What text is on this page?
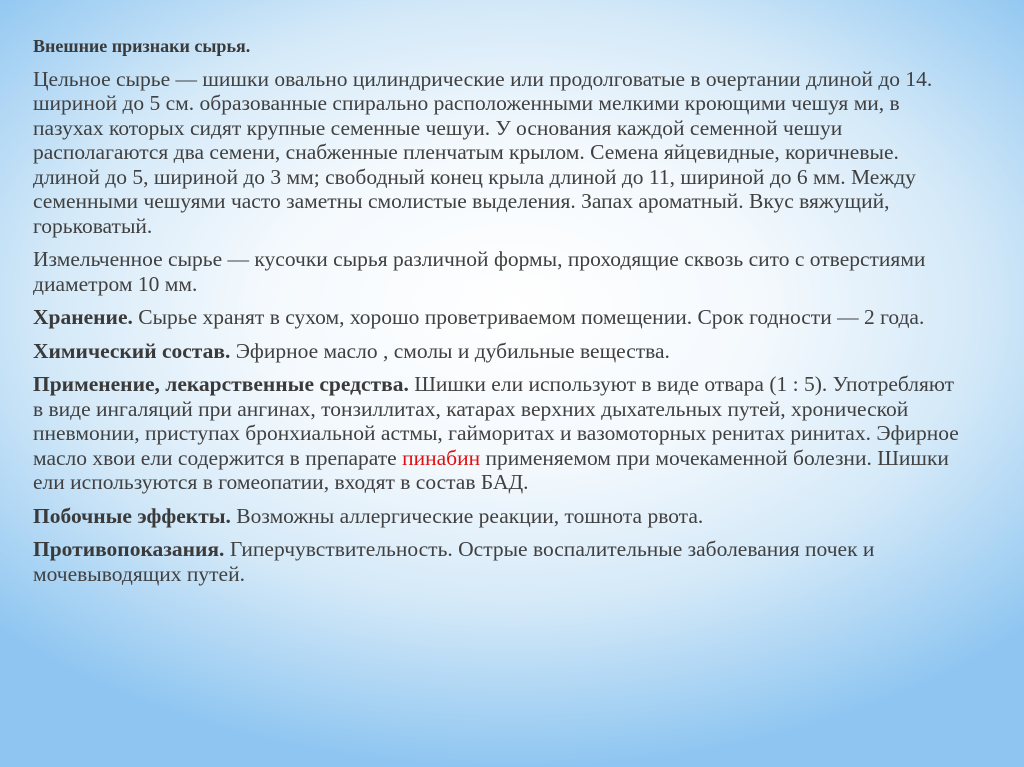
Внешние признаки сырья.

Цельное сырье — шишки овально цилиндрические или продолговатые в очертании длиной до 14. шириной до 5 см. образованные спирально расположенными мелкими кроющими чешуя ми, в пазухах которых сидят крупные семенные чешуи. У основания каждой семенной чешуи располагаются два семени, снабженные пленчатым крылом. Семена яйцевидные, коричневые. длиной до 5, шириной до 3 мм; свободный конец крыла длиной до 11, шириной до 6 мм. Между семенными чешуями часто заметны смолистые выделения. Запах ароматный. Вкус вяжущий, горьковатый.

Измельченное сырье — кусочки сырья различной формы, проходящие сквозь сито с отверстиями диаметром 10 мм.

Хранение. Сырье хранят в сухом, хорошо проветриваемом помещении. Срок годности — 2 года.

Химический состав. Эфирное масло , смолы и дубильные вещества.

Применение, лекарственные средства. Шишки ели используют в виде отвара (1 : 5). Употребляют в виде ингаляций при ангинах, тонзиллитах, катарах верхних дыхательных путей, хронической пневмонии, приступах бронхиальной астмы, гайморитах и вазомоторных ренитах ринитах. Эфирное масло хвои ели содержится в препарате пинабин применяемом при мочекаменной болезни. Шишки ели используются в гомеопатии, входят в состав БАД.

Побочные эффекты. Возможны аллергические реакции, тошнота рвота.

Противопоказания. Гиперчувствительность. Острые воспалительные заболевания почек и мочевыводящих путей.
